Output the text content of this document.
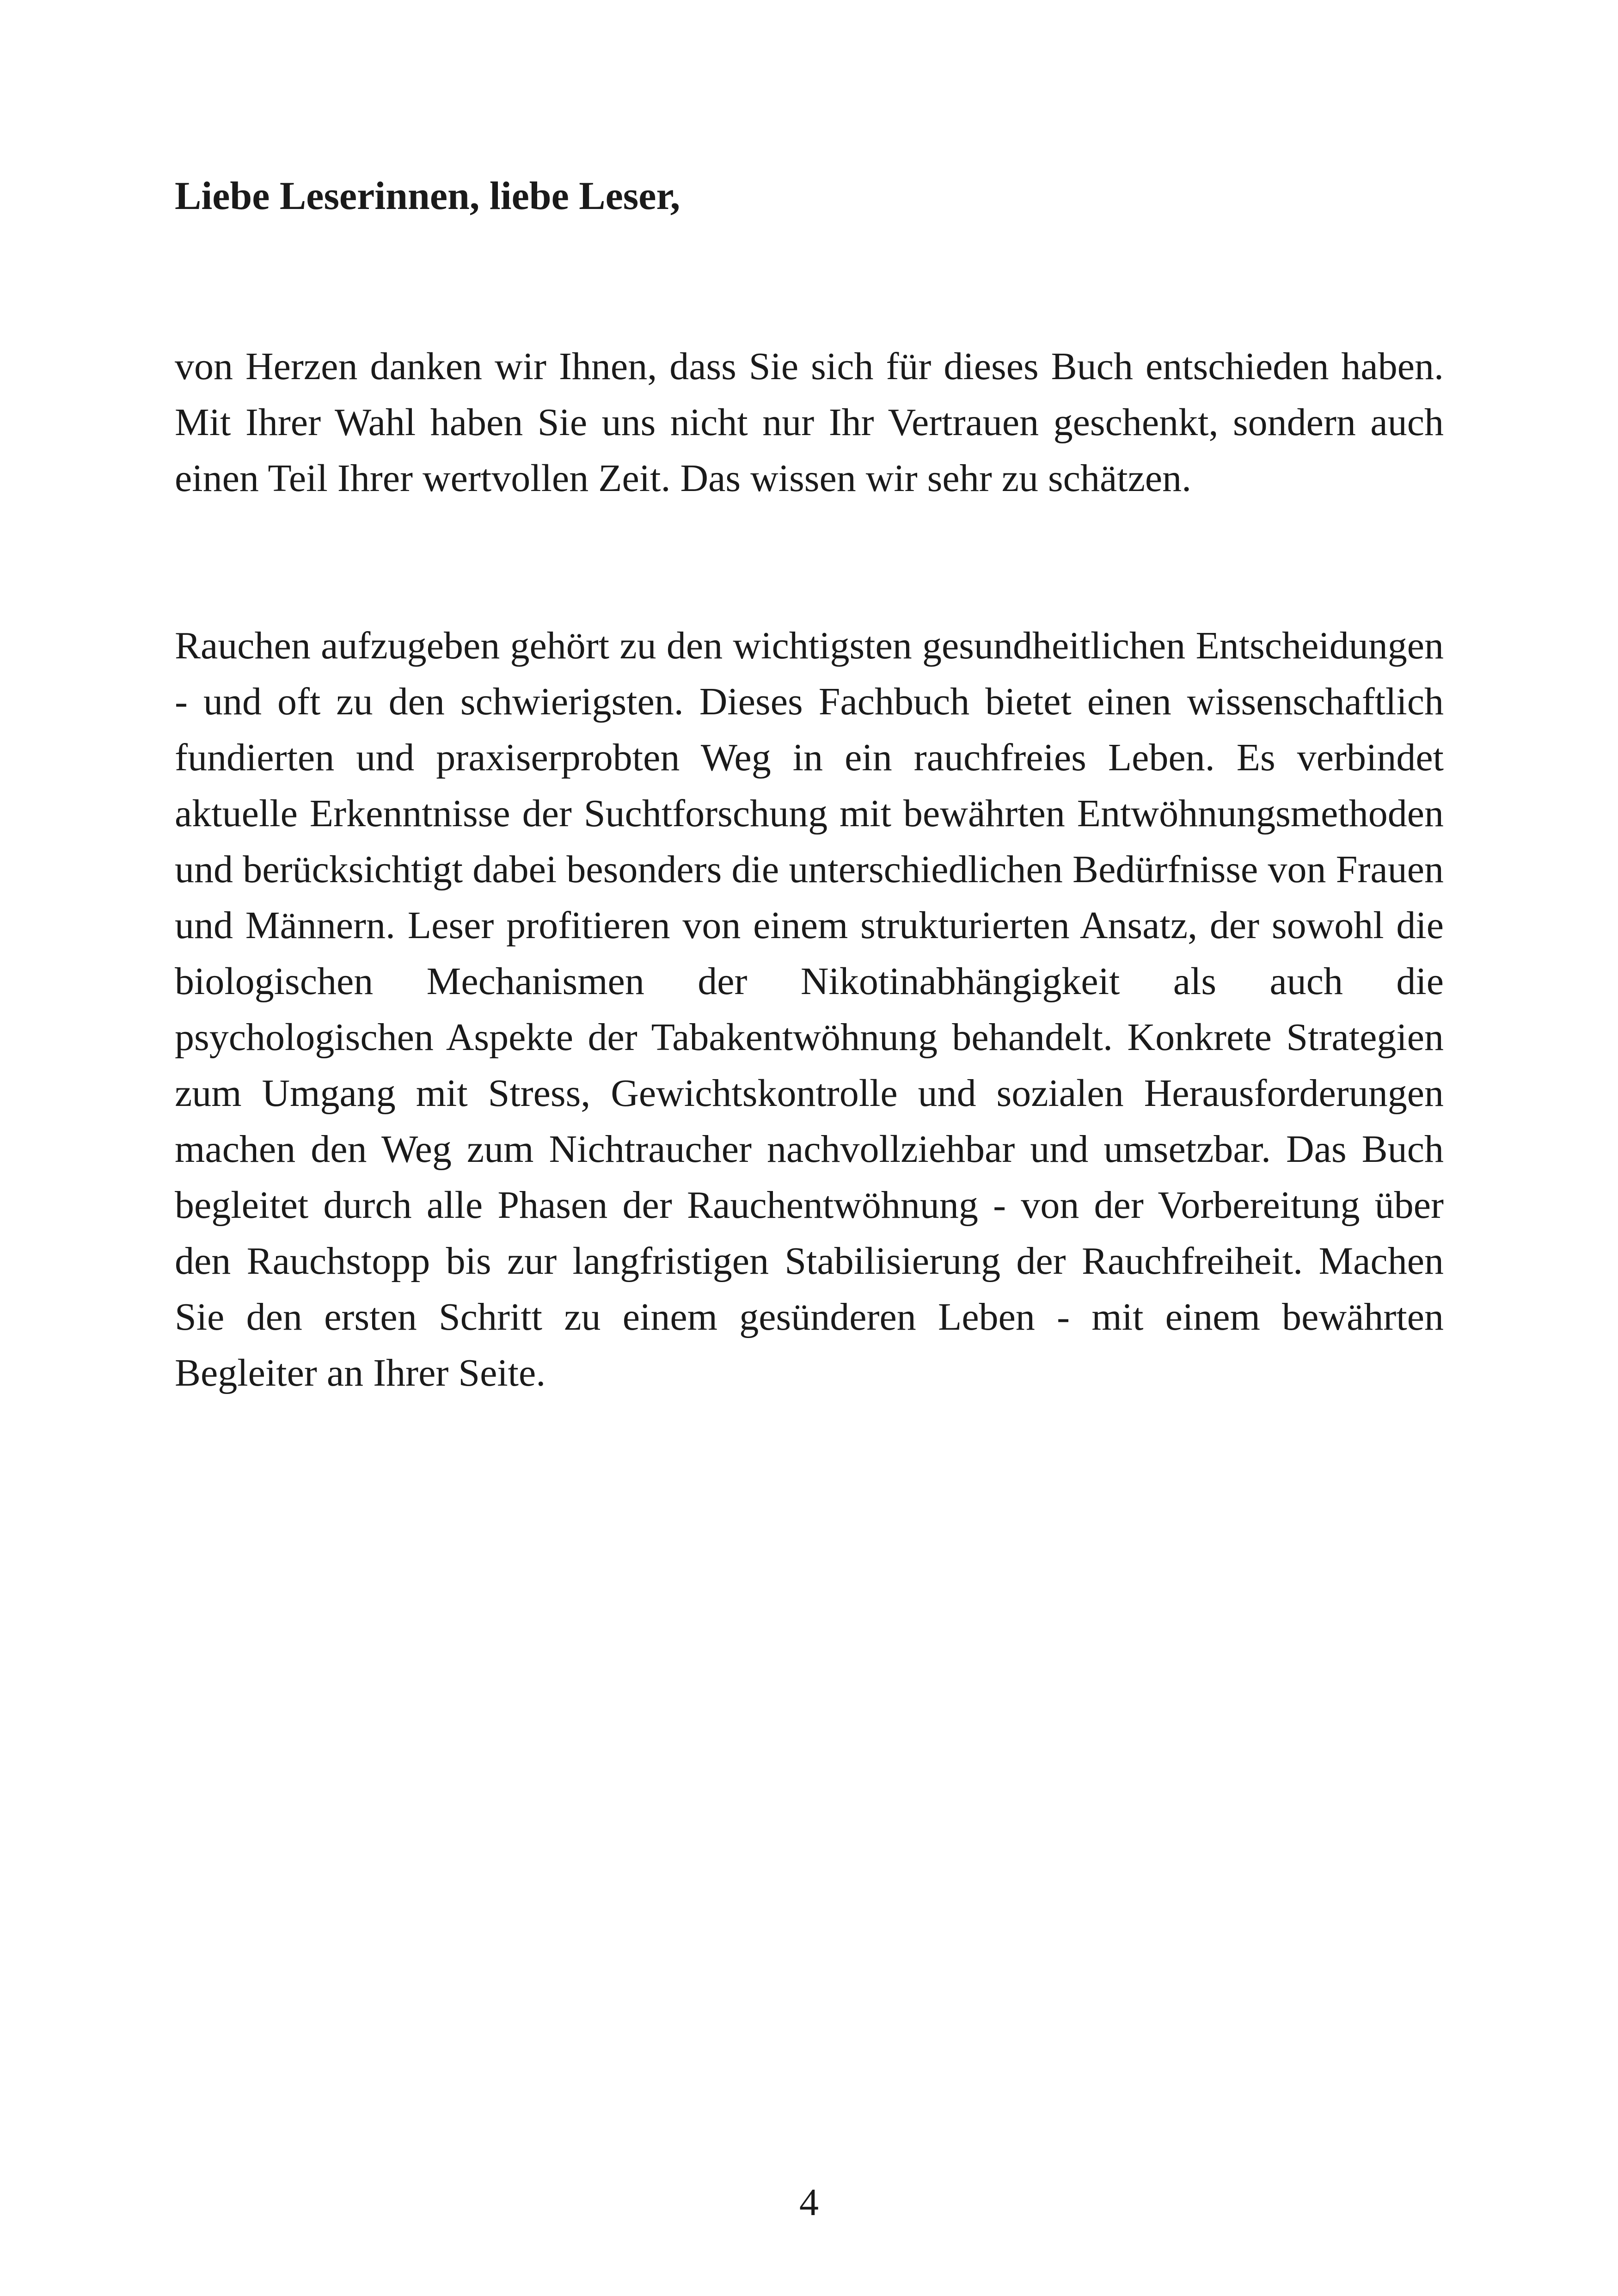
Liebe Leserinnen, liebe Leser,

von Herzen danken wir Ihnen, dass Sie sich für dieses Buch entschieden haben. Mit Ihrer Wahl haben Sie uns nicht nur Ihr Vertrauen geschenkt, sondern auch einen Teil Ihrer wertvollen Zeit. Das wissen wir sehr zu schätzen.

Rauchen aufzugeben gehört zu den wichtigsten gesundheitlichen Entscheidungen - und oft zu den schwierigsten. Dieses Fachbuch bietet einen wissenschaftlich fundierten und praxiserprobten Weg in ein rauchfreies Leben. Es verbindet aktuelle Erkenntnisse der Suchtforschung mit bewährten Entwöhnungsmethoden und berücksichtigt dabei besonders die unterschiedlichen Bedürfnisse von Frauen und Männern. Leser profitieren von einem strukturierten Ansatz, der sowohl die biologischen Mechanismen der Nikotinabhängigkeit als auch die psychologischen Aspekte der Tabakentwöhnung behandelt. Konkrete Strategien zum Umgang mit Stress, Gewichtskontrolle und sozialen Herausforderungen machen den Weg zum Nichtraucher nachvollziehbar und umsetzbar. Das Buch begleitet durch alle Phasen der Rauchentwöhnung - von der Vorbereitung über den Rauchstopp bis zur langfristigen Stabilisierung der Rauchfreiheit. Machen Sie den ersten Schritt zu einem gesünderen Leben - mit einem bewährten Begleiter an Ihrer Seite.

4
